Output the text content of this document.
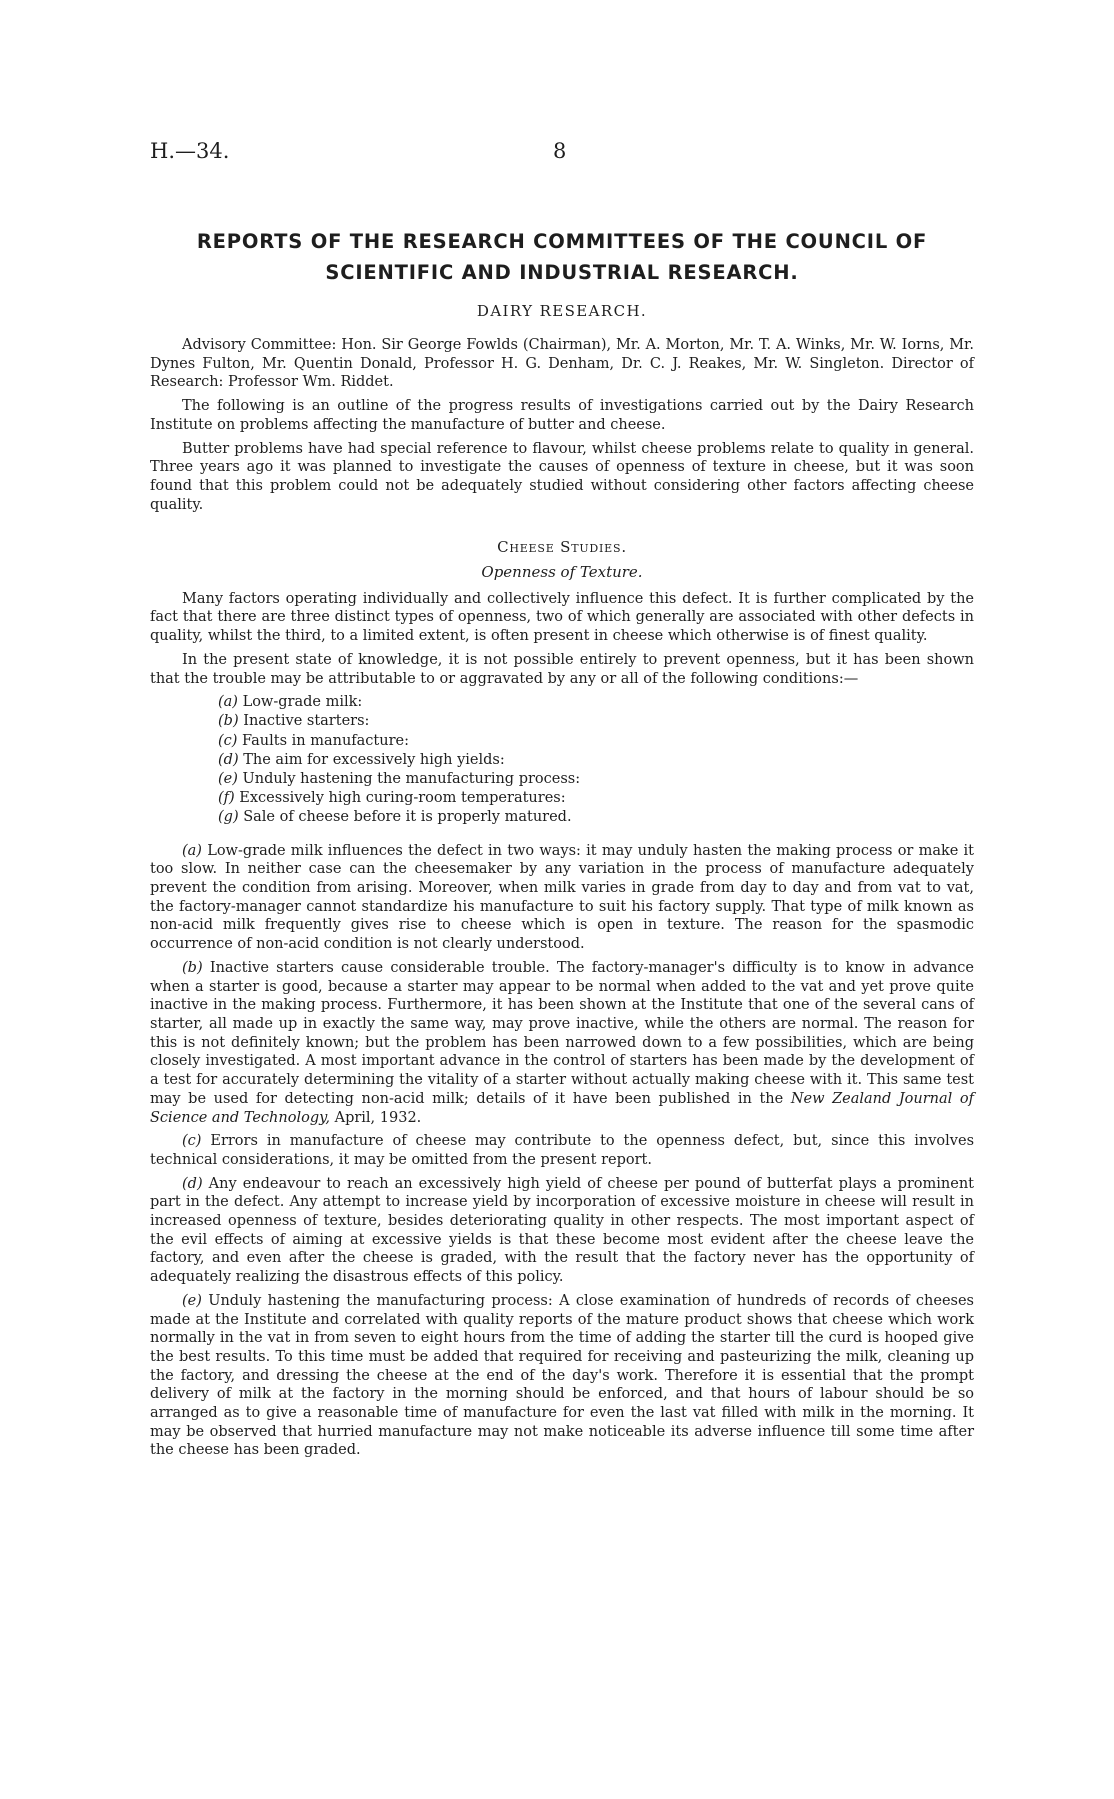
H.—34.	8
REPORTS OF THE RESEARCH COMMITTEES OF THE COUNCIL OF SCIENTIFIC AND INDUSTRIAL RESEARCH.
DAIRY RESEARCH.

Advisory Committee: Hon. Sir George Fowlds (Chairman), Mr. A. Morton, Mr. T. A. Winks, Mr. W. Iorns, Mr. Dynes Fulton, Mr. Quentin Donald, Professor H. G. Denham, Dr. C. J. Reakes, Mr. W. Singleton. Director of Research: Professor Wm. Riddet.

The following is an outline of the progress results of investigations carried out by the Dairy Research Institute on problems affecting the manufacture of butter and cheese.

Butter problems have had special reference to flavour, whilst cheese problems relate to quality in general. Three years ago it was planned to investigate the causes of openness of texture in cheese, but it was soon found that this problem could not be adequately studied without considering other factors affecting cheese quality.

Cheese Studies.
Openness of Texture.

Many factors operating individually and collectively influence this defect. It is further complicated by the fact that there are three distinct types of openness, two of which generally are associated with other defects in quality, whilst the third, to a limited extent, is often present in cheese which otherwise is of finest quality.

In the present state of knowledge, it is not possible entirely to prevent openness, but it has been shown that the trouble may be attributable to or aggravated by any or all of the following conditions:—

(a) Low-grade milk:
(b) Inactive starters:
(c) Faults in manufacture:
(d) The aim for excessively high yields:
(e) Unduly hastening the manufacturing process:
(f) Excessively high curing-room temperatures:
(g) Sale of cheese before it is properly matured.

(a) Low-grade milk influences the defect in two ways: it may unduly hasten the making process or make it too slow. In neither case can the cheesemaker by any variation in the process of manufacture adequately prevent the condition from arising. Moreover, when milk varies in grade from day to day and from vat to vat, the factory-manager cannot standardize his manufacture to suit his factory supply. That type of milk known as non-acid milk frequently gives rise to cheese which is open in texture. The reason for the spasmodic occurrence of non-acid condition is not clearly understood.

(b) Inactive starters cause considerable trouble. The factory-manager's difficulty is to know in advance when a starter is good, because a starter may appear to be normal when added to the vat and yet prove quite inactive in the making process. Furthermore, it has been shown at the Institute that one of the several cans of starter, all made up in exactly the same way, may prove inactive, while the others are normal. The reason for this is not definitely known; but the problem has been narrowed down to a few possibilities, which are being closely investigated. A most important advance in the control of starters has been made by the development of a test for accurately determining the vitality of a starter without actually making cheese with it. This same test may be used for detecting non-acid milk; details of it have been published in the New Zealand Journal of Science and Technology, April, 1932.

(c) Errors in manufacture of cheese may contribute to the openness defect, but, since this involves technical considerations, it may be omitted from the present report.

(d) Any endeavour to reach an excessively high yield of cheese per pound of butterfat plays a prominent part in the defect. Any attempt to increase yield by incorporation of excessive moisture in cheese will result in increased openness of texture, besides deteriorating quality in other respects. The most important aspect of the evil effects of aiming at excessive yields is that these become most evident after the cheese leave the factory, and even after the cheese is graded, with the result that the factory never has the opportunity of adequately realizing the disastrous effects of this policy.

(e) Unduly hastening the manufacturing process: A close examination of hundreds of records of cheeses made at the Institute and correlated with quality reports of the mature product shows that cheese which work normally in the vat in from seven to eight hours from the time of adding the starter till the curd is hooped give the best results. To this time must be added that required for receiving and pasteurizing the milk, cleaning up the factory, and dressing the cheese at the end of the day's work. Therefore it is essential that the prompt delivery of milk at the factory in the morning should be enforced, and that hours of labour should be so arranged as to give a reasonable time of manufacture for even the last vat filled with milk in the morning. It may be observed that hurried manufacture may not make noticeable its adverse influence till some time after the cheese has been graded.
